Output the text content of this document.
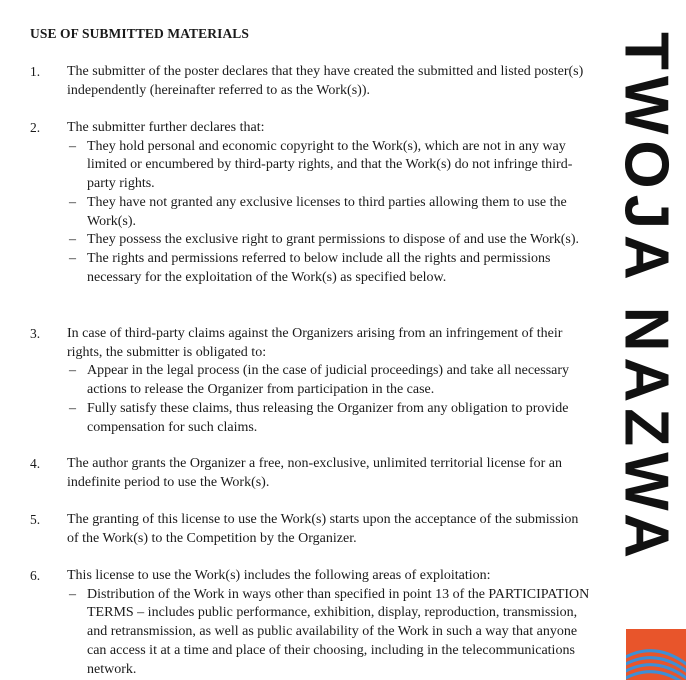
USE OF SUBMITTED MATERIALS
1. The submitter of the poster declares that they have created the submitted and listed poster(s) independently (hereinafter referred to as the Work(s)).

2. The submitter further declares that:

– They hold personal and economic copyright to the Work(s), which are not in any way limited or encumbered by third-party rights, and that the Work(s) do not infringe third-party rights.
– They have not granted any exclusive licenses to third parties allowing them to use the Work(s).
– They possess the exclusive right to grant permissions to dispose of and use the Work(s).
– The rights and permissions referred to below include all the rights and permissions necessary for the exploitation of the Work(s) as specified below.
3. In case of third-party claims against the Organizers arising from an infringement of their rights, the submitter is obligated to:

– Appear in the legal process (in the case of judicial proceedings) and take all necessary actions to release the Organizer from participation in the case.
– Fully satisfy these claims, thus releasing the Organizer from any obligation to provide compensation for such claims.
4. The author grants the Organizer a free, non-exclusive, unlimited territorial license for an indefinite period to use the Work(s).

5. The granting of this license to use the Work(s) starts upon the acceptance of the submission of the Work(s) to the Competition by the Organizer.

6. This license to use the Work(s) includes the following areas of exploitation:

– Distribution of the Work in ways other than specified in point 13 of the PARTICIPATION TERMS – includes public performance, exhibition, display, reproduction, transmission, and retransmission, as well as public availability of the Work in such a way that anyone can access it at a time and place of their choosing, including in the telecommunications network.
TWOJA NAZWA
